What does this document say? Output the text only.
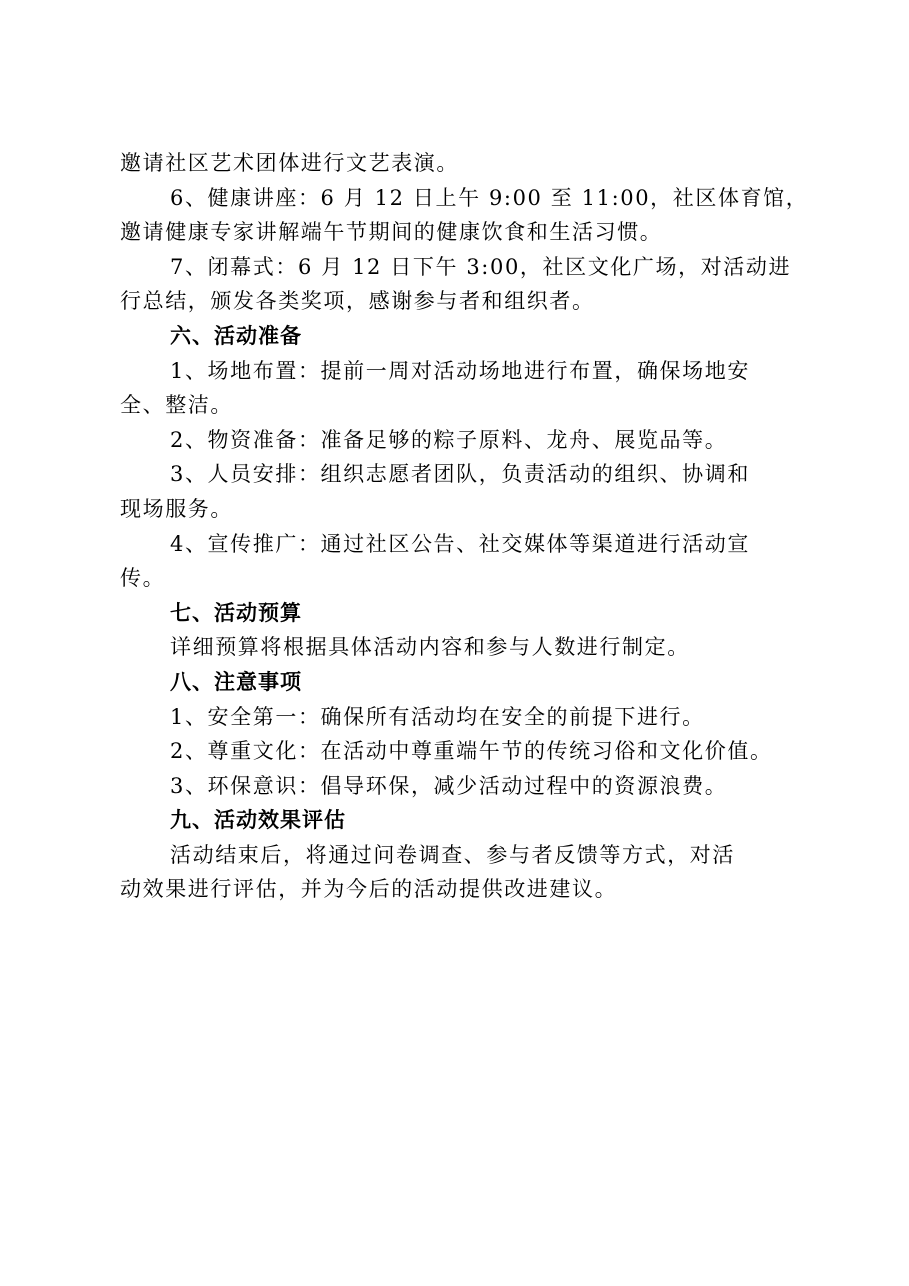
邀请社区艺术团体进行文艺表演。
6、健康讲座：6 月 12 日上午 9:00 至 11:00，社区体育馆，
邀请健康专家讲解端午节期间的健康饮食和生活习惯。
7、闭幕式：6 月 12 日下午 3:00，社区文化广场，对活动进
行总结，颁发各类奖项，感谢参与者和组织者。
六、活动准备
1、场地布置：提前一周对活动场地进行布置，确保场地安
全、整洁。
2、物资准备：准备足够的粽子原料、龙舟、展览品等。
3、人员安排：组织志愿者团队，负责活动的组织、协调和
现场服务。
4、宣传推广：通过社区公告、社交媒体等渠道进行活动宣
传。
七、活动预算
详细预算将根据具体活动内容和参与人数进行制定。
八、注意事项
1、安全第一：确保所有活动均在安全的前提下进行。
2、尊重文化：在活动中尊重端午节的传统习俗和文化价值。
3、环保意识：倡导环保，减少活动过程中的资源浪费。
九、活动效果评估
活动结束后，将通过问卷调查、参与者反馈等方式，对活
动效果进行评估，并为今后的活动提供改进建议。
